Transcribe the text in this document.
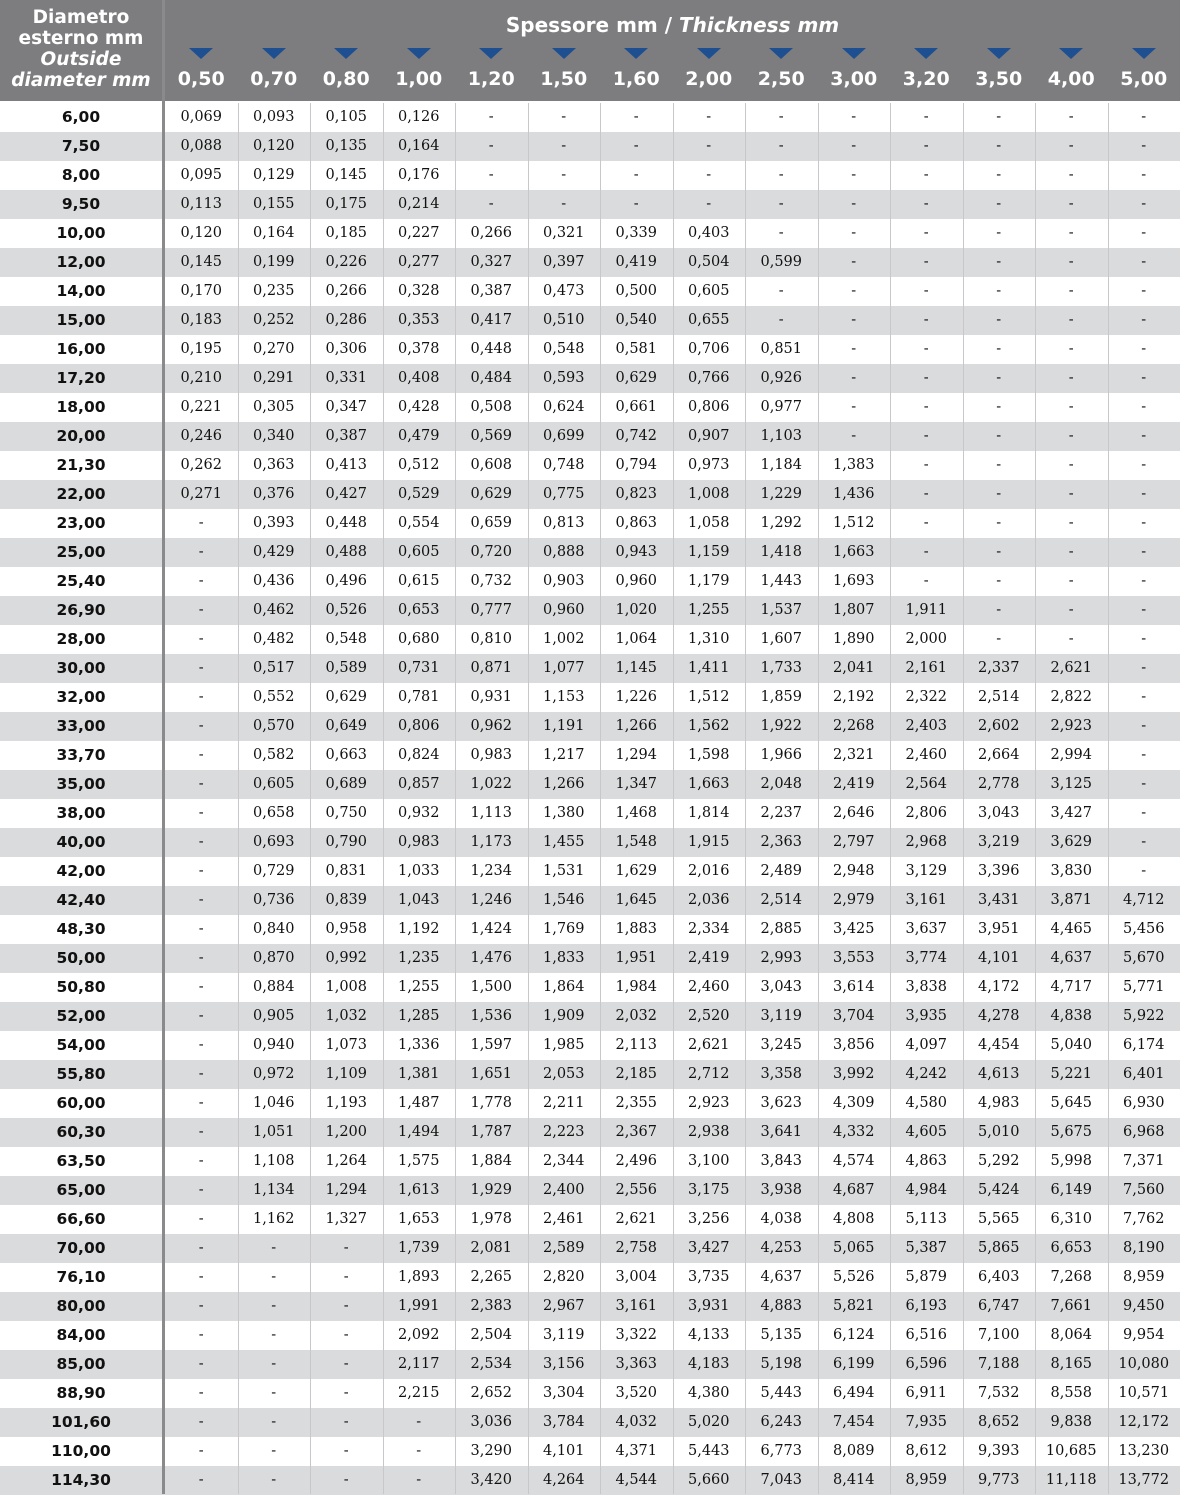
Diametro
esterno mm
Outside
diameter mm
Spessore mm / Thickness mm
0,50	0,70	0,80	1,00	1,20	1,50	1,60	2,00	2,50	3,00	3,20	3,50	4,00	5,00
6,00	0,069	0,093	0,105	0,126	-	-	-	-	-	-	-	-	-	-
7,50	0,088	0,120	0,135	0,164	-	-	-	-	-	-	-	-	-	-
8,00	0,095	0,129	0,145	0,176	-	-	-	-	-	-	-	-	-	-
9,50	0,113	0,155	0,175	0,214	-	-	-	-	-	-	-	-	-	-
10,00	0,120	0,164	0,185	0,227	0,266	0,321	0,339	0,403	-	-	-	-	-	-
12,00	0,145	0,199	0,226	0,277	0,327	0,397	0,419	0,504	0,599	-	-	-	-	-
14,00	0,170	0,235	0,266	0,328	0,387	0,473	0,500	0,605	-	-	-	-	-	-
15,00	0,183	0,252	0,286	0,353	0,417	0,510	0,540	0,655	-	-	-	-	-	-
16,00	0,195	0,270	0,306	0,378	0,448	0,548	0,581	0,706	0,851	-	-	-	-	-
17,20	0,210	0,291	0,331	0,408	0,484	0,593	0,629	0,766	0,926	-	-	-	-	-
18,00	0,221	0,305	0,347	0,428	0,508	0,624	0,661	0,806	0,977	-	-	-	-	-
20,00	0,246	0,340	0,387	0,479	0,569	0,699	0,742	0,907	1,103	-	-	-	-	-
21,30	0,262	0,363	0,413	0,512	0,608	0,748	0,794	0,973	1,184	1,383	-	-	-	-
22,00	0,271	0,376	0,427	0,529	0,629	0,775	0,823	1,008	1,229	1,436	-	-	-	-
23,00	-	0,393	0,448	0,554	0,659	0,813	0,863	1,058	1,292	1,512	-	-	-	-
25,00	-	0,429	0,488	0,605	0,720	0,888	0,943	1,159	1,418	1,663	-	-	-	-
25,40	-	0,436	0,496	0,615	0,732	0,903	0,960	1,179	1,443	1,693	-	-	-	-
26,90	-	0,462	0,526	0,653	0,777	0,960	1,020	1,255	1,537	1,807	1,911	-	-	-
28,00	-	0,482	0,548	0,680	0,810	1,002	1,064	1,310	1,607	1,890	2,000	-	-	-
30,00	-	0,517	0,589	0,731	0,871	1,077	1,145	1,411	1,733	2,041	2,161	2,337	2,621	-
32,00	-	0,552	0,629	0,781	0,931	1,153	1,226	1,512	1,859	2,192	2,322	2,514	2,822	-
33,00	-	0,570	0,649	0,806	0,962	1,191	1,266	1,562	1,922	2,268	2,403	2,602	2,923	-
33,70	-	0,582	0,663	0,824	0,983	1,217	1,294	1,598	1,966	2,321	2,460	2,664	2,994	-
35,00	-	0,605	0,689	0,857	1,022	1,266	1,347	1,663	2,048	2,419	2,564	2,778	3,125	-
38,00	-	0,658	0,750	0,932	1,113	1,380	1,468	1,814	2,237	2,646	2,806	3,043	3,427	-
40,00	-	0,693	0,790	0,983	1,173	1,455	1,548	1,915	2,363	2,797	2,968	3,219	3,629	-
42,00	-	0,729	0,831	1,033	1,234	1,531	1,629	2,016	2,489	2,948	3,129	3,396	3,830	-
42,40	-	0,736	0,839	1,043	1,246	1,546	1,645	2,036	2,514	2,979	3,161	3,431	3,871	4,712
48,30	-	0,840	0,958	1,192	1,424	1,769	1,883	2,334	2,885	3,425	3,637	3,951	4,465	5,456
50,00	-	0,870	0,992	1,235	1,476	1,833	1,951	2,419	2,993	3,553	3,774	4,101	4,637	5,670
50,80	-	0,884	1,008	1,255	1,500	1,864	1,984	2,460	3,043	3,614	3,838	4,172	4,717	5,771
52,00	-	0,905	1,032	1,285	1,536	1,909	2,032	2,520	3,119	3,704	3,935	4,278	4,838	5,922
54,00	-	0,940	1,073	1,336	1,597	1,985	2,113	2,621	3,245	3,856	4,097	4,454	5,040	6,174
55,80	-	0,972	1,109	1,381	1,651	2,053	2,185	2,712	3,358	3,992	4,242	4,613	5,221	6,401
60,00	-	1,046	1,193	1,487	1,778	2,211	2,355	2,923	3,623	4,309	4,580	4,983	5,645	6,930
60,30	-	1,051	1,200	1,494	1,787	2,223	2,367	2,938	3,641	4,332	4,605	5,010	5,675	6,968
63,50	-	1,108	1,264	1,575	1,884	2,344	2,496	3,100	3,843	4,574	4,863	5,292	5,998	7,371
65,00	-	1,134	1,294	1,613	1,929	2,400	2,556	3,175	3,938	4,687	4,984	5,424	6,149	7,560
66,60	-	1,162	1,327	1,653	1,978	2,461	2,621	3,256	4,038	4,808	5,113	5,565	6,310	7,762
70,00	-	-	-	1,739	2,081	2,589	2,758	3,427	4,253	5,065	5,387	5,865	6,653	8,190
76,10	-	-	-	1,893	2,265	2,820	3,004	3,735	4,637	5,526	5,879	6,403	7,268	8,959
80,00	-	-	-	1,991	2,383	2,967	3,161	3,931	4,883	5,821	6,193	6,747	7,661	9,450
84,00	-	-	-	2,092	2,504	3,119	3,322	4,133	5,135	6,124	6,516	7,100	8,064	9,954
85,00	-	-	-	2,117	2,534	3,156	3,363	4,183	5,198	6,199	6,596	7,188	8,165	10,080
88,90	-	-	-	2,215	2,652	3,304	3,520	4,380	5,443	6,494	6,911	7,532	8,558	10,571
101,60	-	-	-	-	3,036	3,784	4,032	5,020	6,243	7,454	7,935	8,652	9,838	12,172
110,00	-	-	-	-	3,290	4,101	4,371	5,443	6,773	8,089	8,612	9,393	10,685	13,230
114,30	-	-	-	-	3,420	4,264	4,544	5,660	7,043	8,414	8,959	9,773	11,118	13,772
